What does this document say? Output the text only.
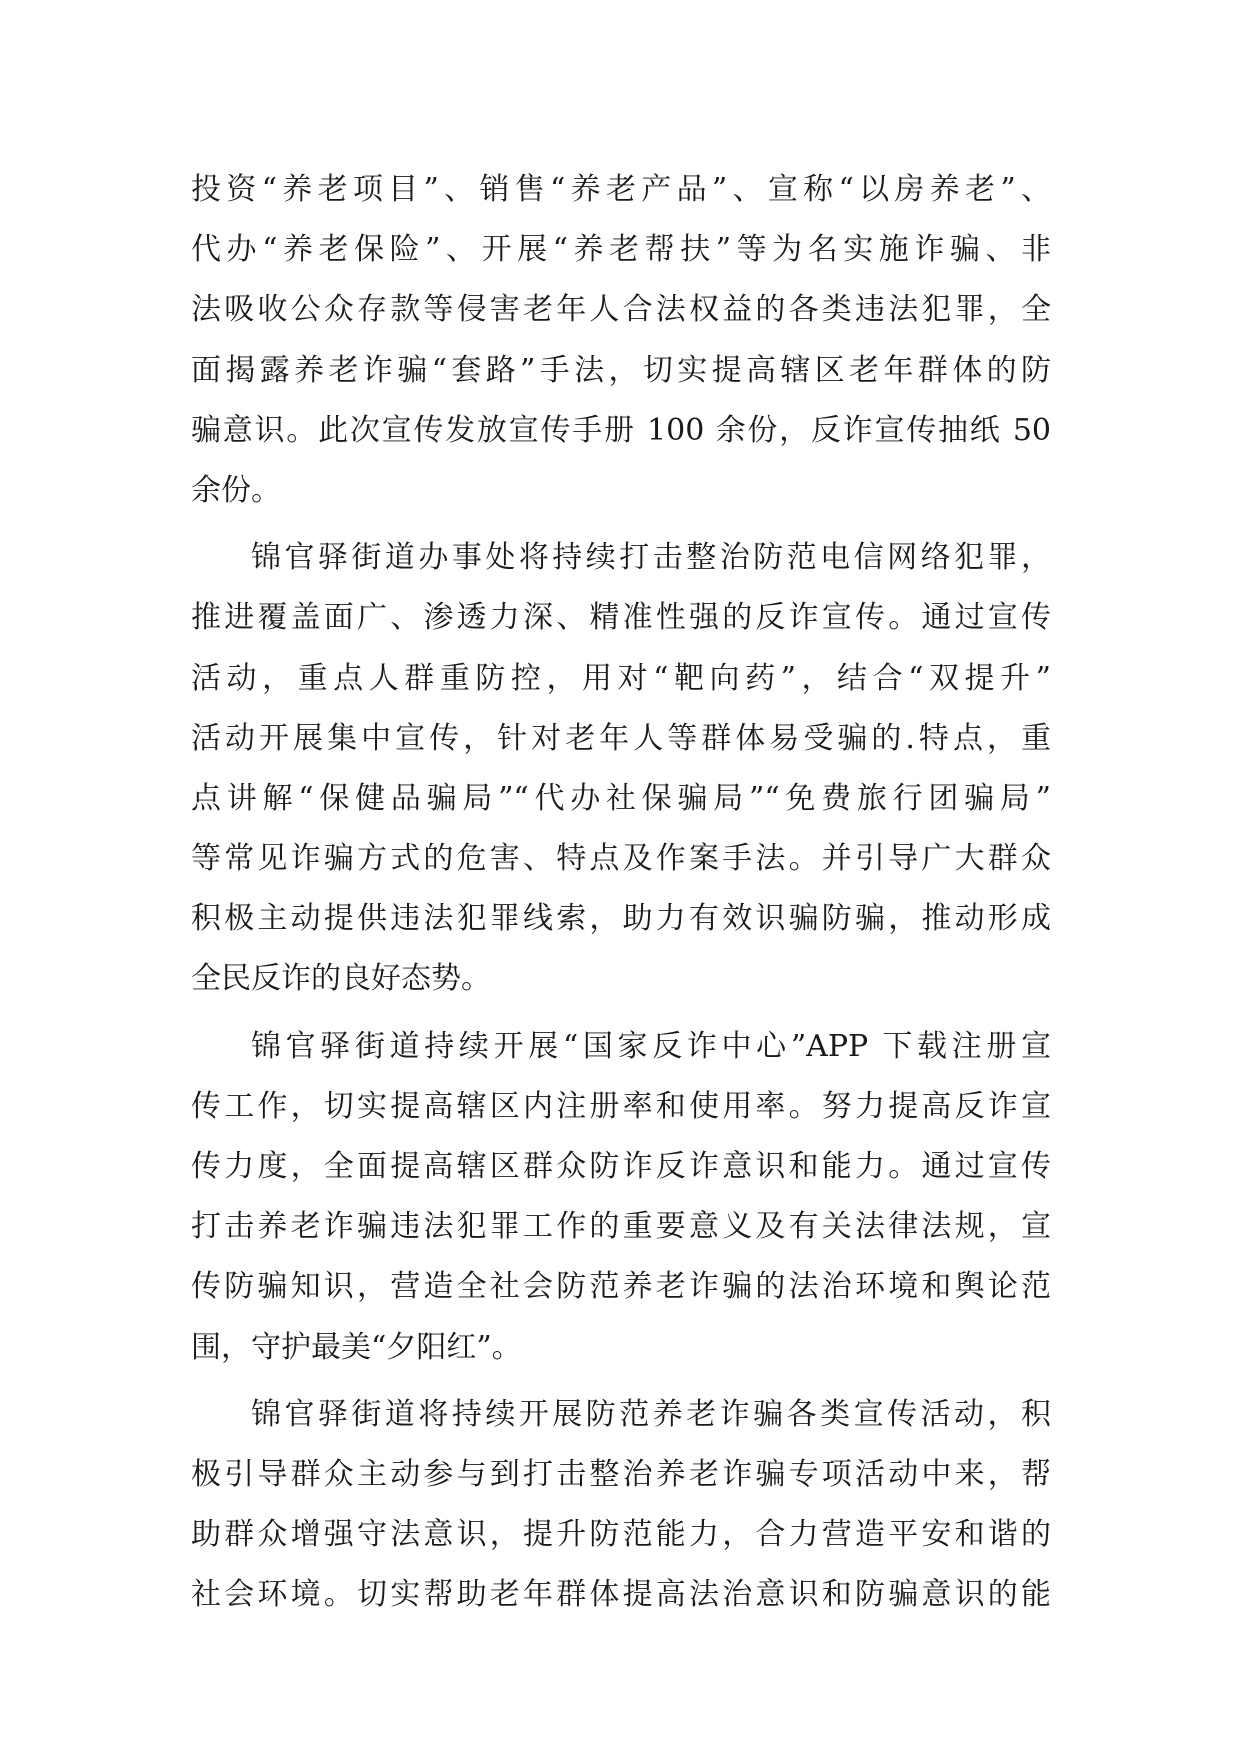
投资“养老项目”、销售“养老产品”、宣称“以房养老”、
代办“养老保险”、开展“养老帮扶”等为名实施诈骗、非
法吸收公众存款等侵害老年人合法权益的各类违法犯罪，全
面揭露养老诈骗“套路”手法，切实提高辖区老年群体的防
骗意识。此次宣传发放宣传手册 100 余份，反诈宣传抽纸 50
余份。
锦官驿街道办事处将持续打击整治防范电信网络犯罪，
推进覆盖面广、渗透力深、精准性强的反诈宣传。通过宣传
活动，重点人群重防控，用对“靶向药”，结合“双提升”
活动开展集中宣传，针对老年人等群体易受骗的.特点，重
点讲解“保健品骗局”“代办社保骗局”“免费旅行团骗局”
等常见诈骗方式的危害、特点及作案手法。并引导广大群众
积极主动提供违法犯罪线索，助力有效识骗防骗，推动形成
全民反诈的良好态势。
锦官驿街道持续开展“国家反诈中心”APP 下载注册宣
传工作，切实提高辖区内注册率和使用率。努力提高反诈宣
传力度，全面提高辖区群众防诈反诈意识和能力。通过宣传
打击养老诈骗违法犯罪工作的重要意义及有关法律法规，宣
传防骗知识，营造全社会防范养老诈骗的法治环境和舆论范
围，守护最美“夕阳红”。
锦官驿街道将持续开展防范养老诈骗各类宣传活动，积
极引导群众主动参与到打击整治养老诈骗专项活动中来，帮
助群众增强守法意识，提升防范能力，合力营造平安和谐的
社会环境。切实帮助老年群体提高法治意识和防骗意识的能
